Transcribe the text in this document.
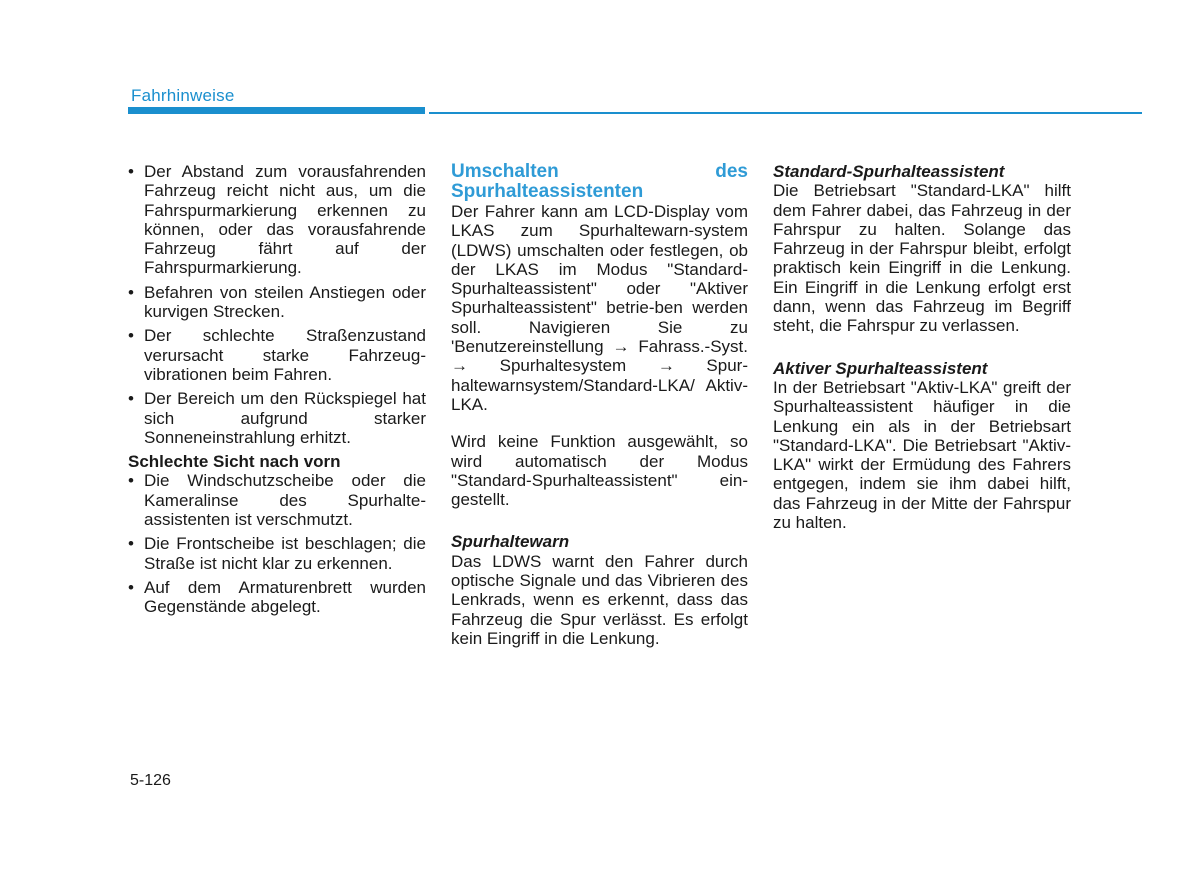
Fahrhinweise
• Der Abstand zum vorausfahrenden Fahrzeug reicht nicht aus, um die Fahrspurmarkierung erkennen zu können, oder das vorausfahrende Fahrzeug fährt auf der Fahrspurmarkierung.
• Befahren von steilen Anstiegen oder kurvigen Strecken.
• Der schlechte Straßenzustand verursacht starke Fahrzeug-vibrationen beim Fahren.
• Der Bereich um den Rückspiegel hat sich aufgrund starker Sonneneinstrahlung erhitzt.

Schlechte Sicht nach vorn

• Die Windschutzscheibe oder die Kameralinse des Spurhalte-assistenten ist verschmutzt.
• Die Frontscheibe ist beschlagen; die Straße ist nicht klar zu erkennen.
• Auf dem Armaturenbrett wurden Gegenstände abgelegt.

Umschalten des Spurhalteassistenten

Der Fahrer kann am LCD-Display vom LKAS zum Spurhaltewarn-system (LDWS) umschalten oder festlegen, ob der LKAS im Modus "Standard-Spurhalteassistent" oder "Aktiver Spurhalteassistent" betrie-ben werden soll. Navigieren Sie zu 'Benutzereinstellung → Fahrass.-Syst. → Spurhaltesystem → Spur-haltewarnsystem/Standard-LKA/ Aktiv-LKA.

Wird keine Funktion ausgewählt, so wird automatisch der Modus "Standard-Spurhalteassistent" ein-gestellt.

Spurhaltewarn

Das LDWS warnt den Fahrer durch optische Signale und das Vibrieren des Lenkrads, wenn es erkennt, dass das Fahrzeug die Spur verlässt. Es erfolgt kein Eingriff in die Lenkung.

Standard-Spurhalteassistent

Die Betriebsart "Standard-LKA" hilft dem Fahrer dabei, das Fahrzeug in der Fahrspur zu halten. Solange das Fahrzeug in der Fahrspur bleibt, erfolgt praktisch kein Eingriff in die Lenkung. Ein Eingriff in die Lenkung erfolgt erst dann, wenn das Fahrzeug im Begriff steht, die Fahrspur zu verlassen.

Aktiver Spurhalteassistent

In der Betriebsart "Aktiv-LKA" greift der Spurhalteassistent häufiger in die Lenkung ein als in der Betriebsart "Standard-LKA". Die Betriebsart "Aktiv-LKA" wirkt der Ermüdung des Fahrers entgegen, indem sie ihm dabei hilft, das Fahrzeug in der Mitte der Fahrspur zu halten.

5-126
